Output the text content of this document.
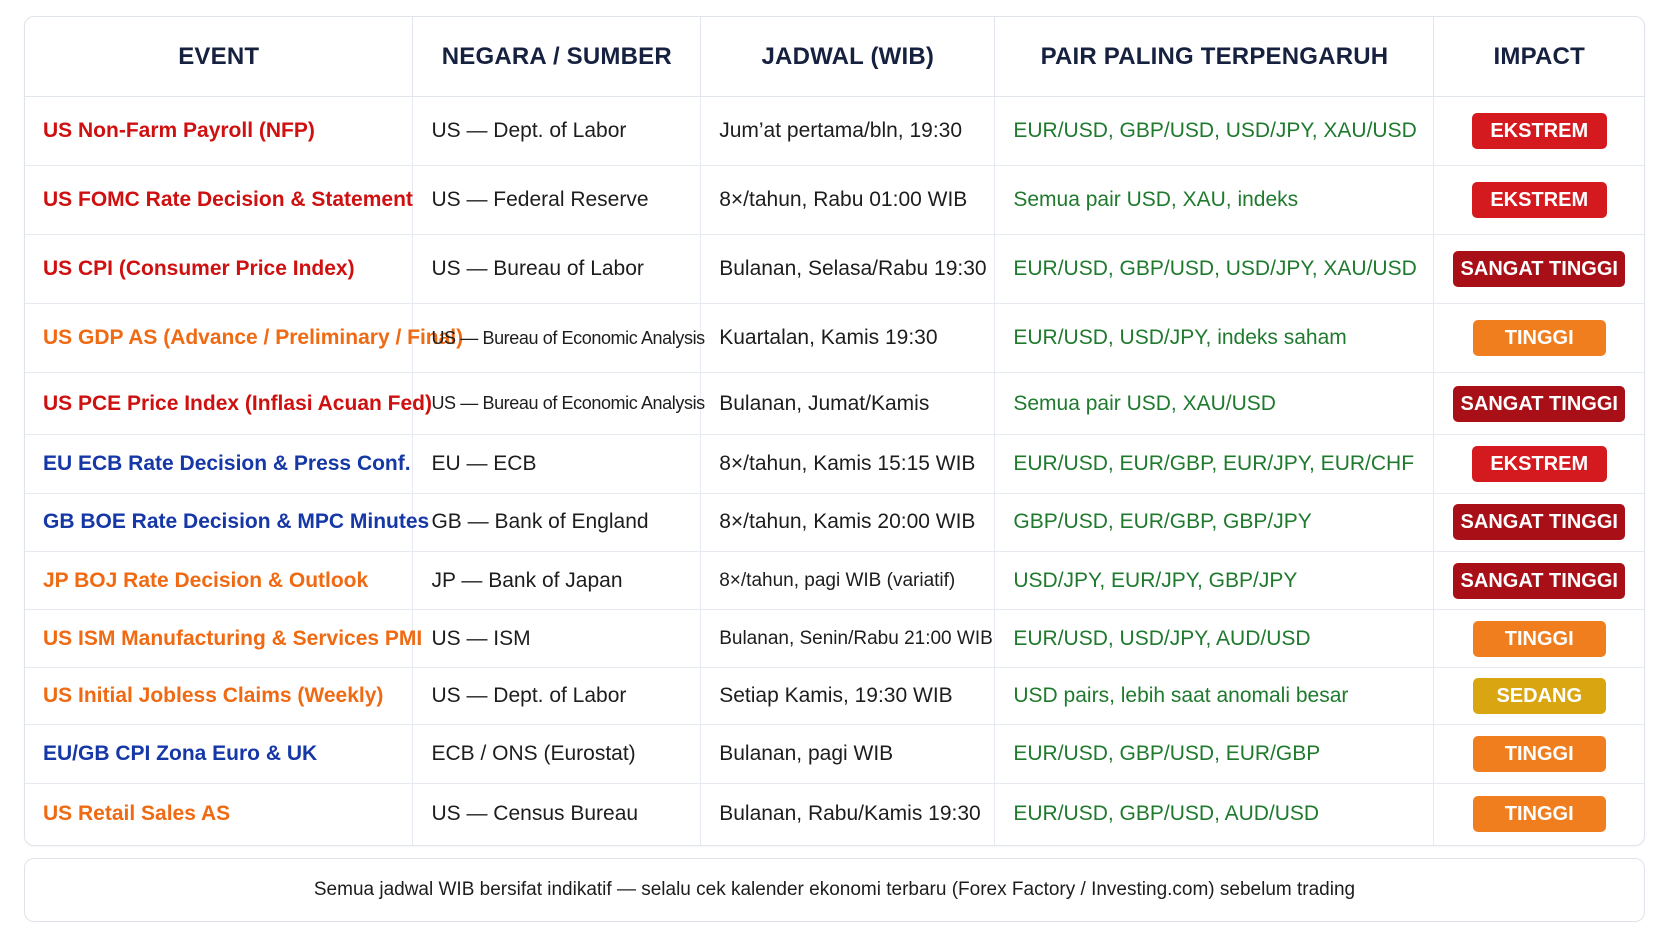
EVENT	NEGARA / SUMBER	JADWAL (WIB)	PAIR PALING TERPENGARUH	IMPACT
US Non-Farm Payroll (NFP)	US — Dept. of Labor	Jum’at pertama/bln, 19:30	EUR/USD, GBP/USD, USD/JPY, XAU/USD	EKSTREM
US FOMC Rate Decision & Statement	US — Federal Reserve	8×/tahun, Rabu 01:00 WIB	Semua pair USD, XAU, indeks	EKSTREM
US CPI (Consumer Price Index)	US — Bureau of Labor	Bulanan, Selasa/Rabu 19:30	EUR/USD, GBP/USD, USD/JPY, XAU/USD	SANGAT TINGGI
US GDP AS (Advance / Preliminary / Final)	US — Bureau of Economic Analysis	Kuartalan, Kamis 19:30	EUR/USD, USD/JPY, indeks saham	TINGGI
US PCE Price Index (Inflasi Acuan Fed)	US — Bureau of Economic Analysis	Bulanan, Jumat/Kamis	Semua pair USD, XAU/USD	SANGAT TINGGI
EU ECB Rate Decision & Press Conf.	EU — ECB	8×/tahun, Kamis 15:15 WIB	EUR/USD, EUR/GBP, EUR/JPY, EUR/CHF	EKSTREM
GB BOE Rate Decision & MPC Minutes	GB — Bank of England	8×/tahun, Kamis 20:00 WIB	GBP/USD, EUR/GBP, GBP/JPY	SANGAT TINGGI
JP BOJ Rate Decision & Outlook	JP — Bank of Japan	8×/tahun, pagi WIB (variatif)	USD/JPY, EUR/JPY, GBP/JPY	SANGAT TINGGI
US ISM Manufacturing & Services PMI	US — ISM	Bulanan, Senin/Rabu 21:00 WIB	EUR/USD, USD/JPY, AUD/USD	TINGGI
US Initial Jobless Claims (Weekly)	US — Dept. of Labor	Setiap Kamis, 19:30 WIB	USD pairs, lebih saat anomali besar	SEDANG
EU/GB CPI Zona Euro & UK	ECB / ONS (Eurostat)	Bulanan, pagi WIB	EUR/USD, GBP/USD, EUR/GBP	TINGGI
US Retail Sales AS	US — Census Bureau	Bulanan, Rabu/Kamis 19:30	EUR/USD, GBP/USD, AUD/USD	TINGGI
Semua jadwal WIB bersifat indikatif — selalu cek kalender ekonomi terbaru (Forex Factory / Investing.com) sebelum trading
